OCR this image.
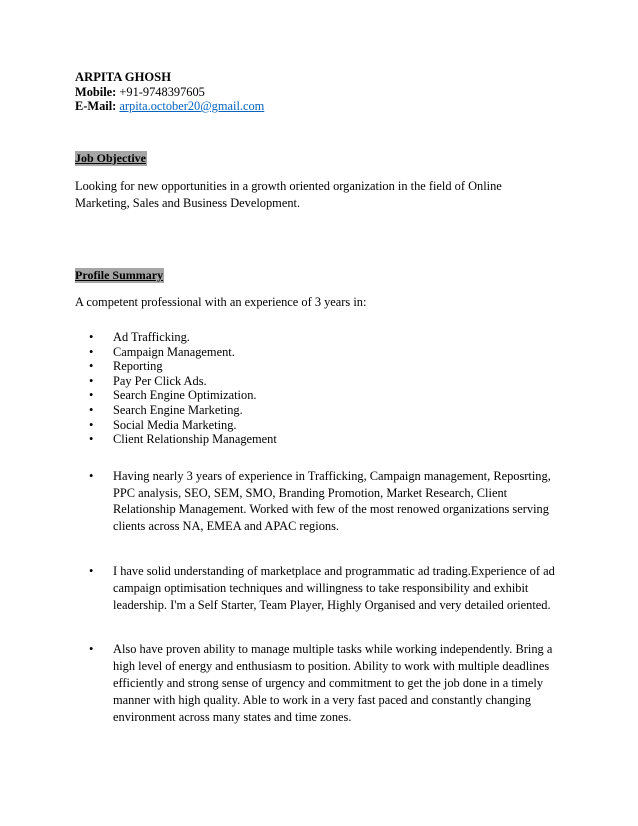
ARPITA GHOSH

Mobile: +91-9748397605

E-Mail: arpita.october20@gmail.com

Job Objective

Looking for new opportunities in a growth oriented organization in the field of Online Marketing, Sales and Business Development.

Profile Summary

A competent professional with an experience of 3 years in:

• Ad Trafficking.
• Campaign Management.
• Reporting
• Pay Per Click Ads.
• Search Engine Optimization.
• Search Engine Marketing.
• Social Media Marketing.
• Client Relationship Management
• Having nearly 3 years of experience in Trafficking, Campaign management, Reposrting, PPC analysis, SEO, SEM, SMO, Branding Promotion, Market Research, Client Relationship Management. Worked with few of the most renowed organizations serving clients across NA, EMEA and APAC regions.
• I have solid understanding of marketplace and programmatic ad trading.Experience of ad campaign optimisation techniques and willingness to take responsibility and exhibit leadership. I'm a Self Starter, Team Player, Highly Organised and very detailed oriented.
• Also have proven ability to manage multiple tasks while working independently. Bring a high level of energy and enthusiasm to position. Ability to work with multiple deadlines efficiently and strong sense of urgency and commitment to get the job done in a timely manner with high quality. Able to work in a very fast paced and constantly changing environment across many states and time zones.
